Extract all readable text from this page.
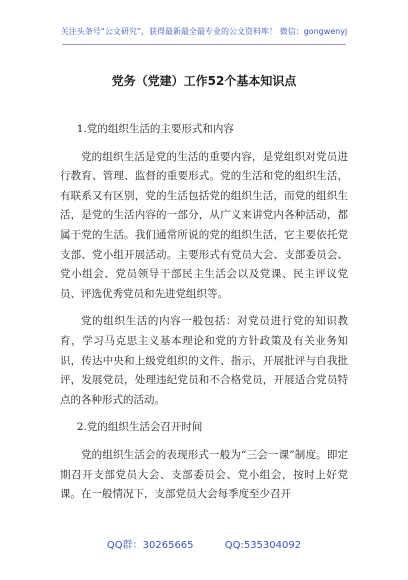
关注头条号“公文研究”，获得最新最全最专业的公文资料库！ 微信：gongwenyj
党务（党建）工作52个基本知识点

1.党的组织生活的主要形式和内容

党的组织生活是党的生活的重要内容，是党组织对党员进行教育、管理、监督的重要形式。党的生活和党的组织生活，有联系又有区别，党的生活包括党的组织生活，而党的组织生活，是党的生活内容的一部分，从广义来讲党内各种活动，都属于党的生活。我们通常所说的党的组织生活，它主要依托党支部、党小组开展活动。主要形式有党员大会、支部委员会、党小组会、党员领导干部民主生活会以及党课、民主评议党员、评选优秀党员和先进党组织等。

党的组织生活的内容一般包括：对党员进行党的知识教育，学习马克思主义基本理论和党的方针政策及有关业务知识，传达中央和上级党组织的文件、指示，开展批评与自我批评，发展党员，处理违纪党员和不合格党员，开展适合党员特点的各种形式的活动。

2.党的组织生活会召开时间

党的组织生活会的表现形式一般为“三会一课”制度。即定期召开支部党员大会、支部委员会、党小组会，按时上好党课。在一般情况下，支部党员大会每季度至少召开

QQ群：30265665	QQ:535304092
